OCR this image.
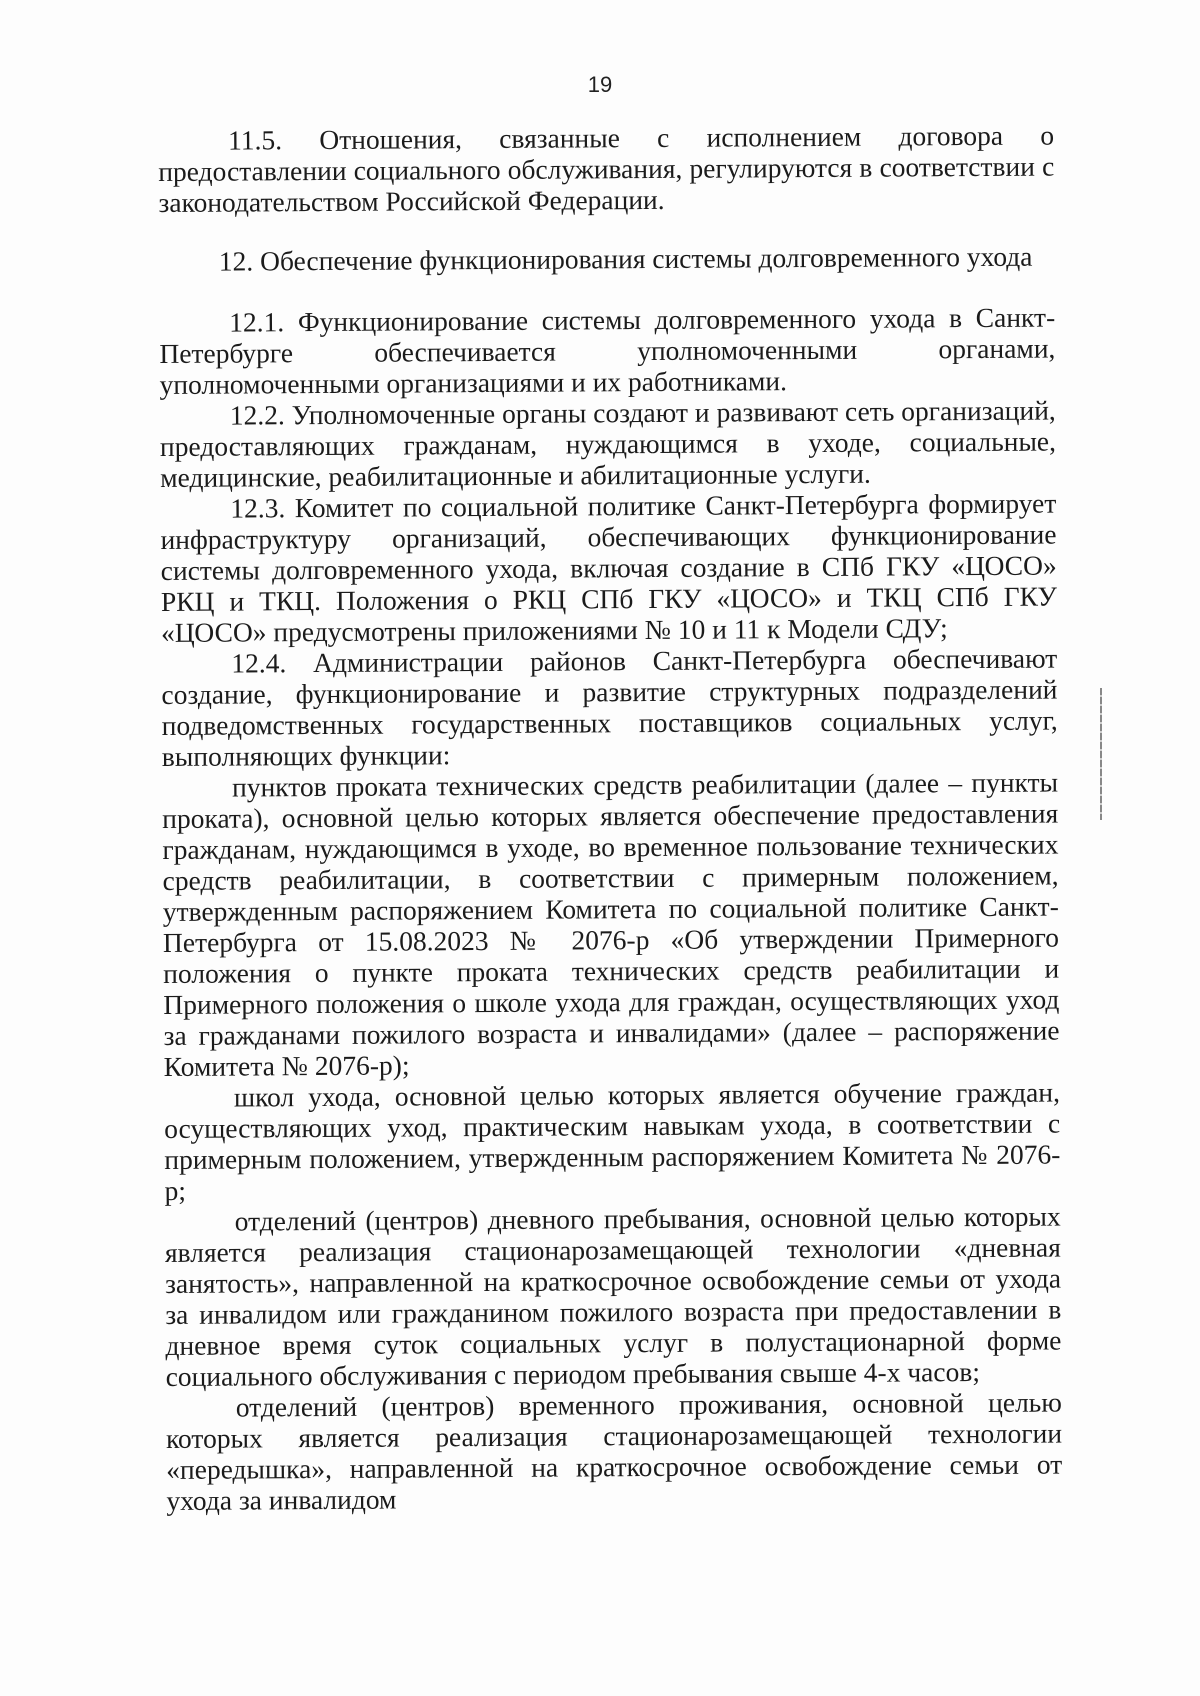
19

11.5. Отношения, связанные с исполнением договора о предоставлении социального обслуживания, регулируются в соответствии с законодательством Российской Федерации.

12. Обеспечение функционирования системы долговременного ухода

12.1. Функционирование системы долговременного ухода в Санкт-Петербурге обеспечивается уполномоченными органами, уполномоченными организациями и их работниками.

12.2. Уполномоченные органы создают и развивают сеть организаций, предоставляющих гражданам, нуждающимся в уходе, социальные, медицинские, реабилитационные и абилитационные услуги.

12.3. Комитет по социальной политике Санкт-Петербурга формирует инфраструктуру организаций, обеспечивающих функционирование системы долговременного ухода, включая создание в СПб ГКУ «ЦОСО» РКЦ и ТКЦ. Положения о РКЦ СПб ГКУ «ЦОСО» и ТКЦ СПб ГКУ «ЦОСО» предусмотрены приложениями № 10 и 11 к Модели СДУ;

12.4. Администрации районов Санкт-Петербурга обеспечивают создание, функционирование и развитие структурных подразделений подведомственных государственных поставщиков социальных услуг, выполняющих функции:

пунктов проката технических средств реабилитации (далее – пункты проката), основной целью которых является обеспечение предоставления гражданам, нуждающимся в уходе, во временное пользование технических средств реабилитации, в соответствии с примерным положением, утвержденным распоряжением Комитета по социальной политике Санкт-Петербурга от 15.08.2023 № 2076-р «Об утверждении Примерного положения о пункте проката технических средств реабилитации и Примерного положения о школе ухода для граждан, осуществляющих уход за гражданами пожилого возраста и инвалидами» (далее – распоряжение Комитета № 2076-р);

школ ухода, основной целью которых является обучение граждан, осуществляющих уход, практическим навыкам ухода, в соответствии с примерным положением, утвержденным распоряжением Комитета № 2076-р;

отделений (центров) дневного пребывания, основной целью которых является реализация стационарозамещающей технологии «дневная занятость», направленной на краткосрочное освобождение семьи от ухода за инвалидом или гражданином пожилого возраста при предоставлении в дневное время суток социальных услуг в полустационарной форме социального обслуживания с периодом пребывания свыше 4-х часов;

отделений (центров) временного проживания, основной целью которых является реализация стационарозамещающей технологии «передышка», направленной на краткосрочное освобождение семьи от ухода за инвалидом
